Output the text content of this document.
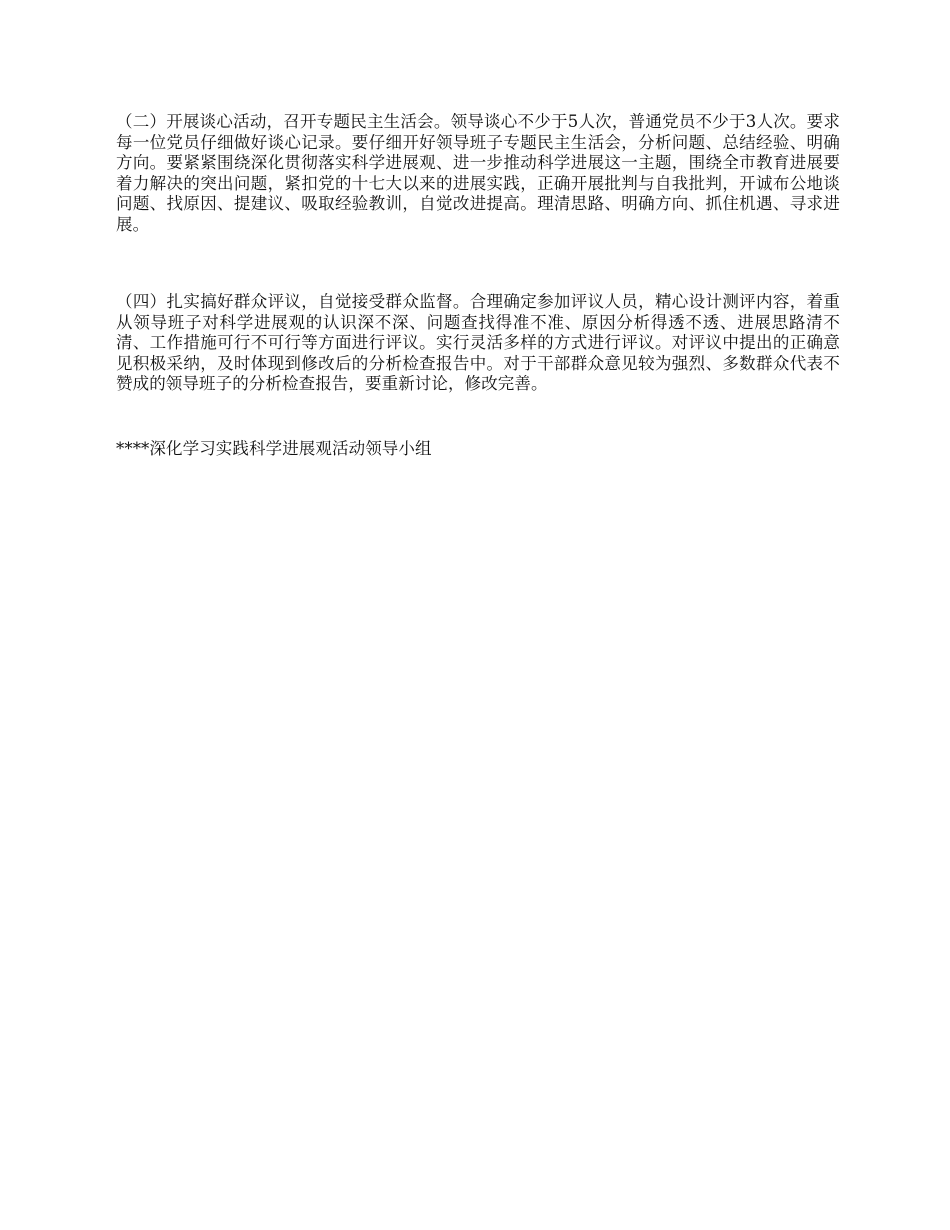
（二）开展谈心活动，召开专题民主生活会。领导谈心不少于5人次，普通党员不少于3人次。要求每一位党员仔细做好谈心记录。要仔细开好领导班子专题民主生活会，分析问题、总结经验、明确方向。要紧紧围绕深化贯彻落实科学进展观、进一步推动科学进展这一主题，围绕全市教育进展要着力解决的突出问题，紧扣党的十七大以来的进展实践，正确开展批判与自我批判，开诚布公地谈问题、找原因、提建议、吸取经验教训，自觉改进提高。理清思路、明确方向、抓住机遇、寻求进展。

（四）扎实搞好群众评议，自觉接受群众监督。合理确定参加评议人员，精心设计测评内容，着重从领导班子对科学进展观的认识深不深、问题查找得准不准、原因分析得透不透、进展思路清不清、工作措施可行不可行等方面进行评议。实行灵活多样的方式进行评议。对评议中提出的正确意见积极采纳，及时体现到修改后的分析检查报告中。对于干部群众意见较为强烈、多数群众代表不赞成的领导班子的分析检查报告，要重新讨论，修改完善。

****深化学习实践科学进展观活动领导小组
